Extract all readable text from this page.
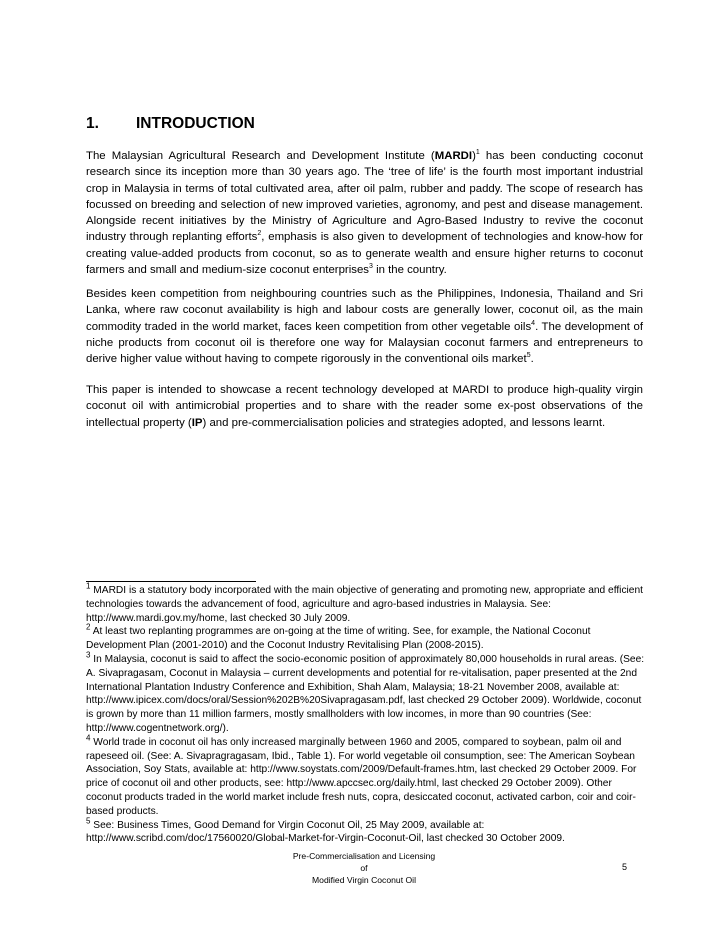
1. INTRODUCTION

The Malaysian Agricultural Research and Development Institute (MARDI)$^1$ has been conducting coconut research since its inception more than 30 years ago. The ‘tree of life’ is the fourth most important industrial crop in Malaysia in terms of total cultivated area, after oil palm, rubber and paddy. The scope of research has focussed on breeding and selection of new improved varieties, agronomy, and pest and disease management. Alongside recent initiatives by the Ministry of Agriculture and Agro-Based Industry to revive the coconut industry through replanting efforts$^2$, emphasis is also given to development of technologies and know-how for creating value-added products from coconut, so as to generate wealth and ensure higher returns to coconut farmers and small and medium-size coconut enterprises$^3$ in the country.

Besides keen competition from neighbouring countries such as the Philippines, Indonesia, Thailand and Sri Lanka, where raw coconut availability is high and labour costs are generally lower, coconut oil, as the main commodity traded in the world market, faces keen competition from other vegetable oils$^4$. The development of niche products from coconut oil is therefore one way for Malaysian coconut farmers and entrepreneurs to derive higher value without having to compete rigorously in the conventional oils market$^5$.

This paper is intended to showcase a recent technology developed at MARDI to produce high-quality virgin coconut oil with antimicrobial properties and to share with the reader some ex-post observations of the intellectual property (IP) and pre-commercialisation policies and strategies adopted, and lessons learnt.

$^1$ MARDI is a statutory body incorporated with the main objective of generating and promoting new, appropriate and efficient technologies towards the advancement of food, agriculture and agro-based industries in Malaysia. See: http://www.mardi.gov.my/home, last checked 30 July 2009.

$^2$ At least two replanting programmes are on-going at the time of writing. See, for example, the National Coconut Development Plan (2001-2010) and the Coconut Industry Revitalising Plan (2008-2015).

$^3$ In Malaysia, coconut is said to affect the socio-economic position of approximately 80,000 households in rural areas. (See: A. Sivapragasam, Coconut in Malaysia – current developments and potential for re-vitalisation, paper presented at the 2nd International Plantation Industry Conference and Exhibition, Shah Alam, Malaysia; 18-21 November 2008, available at: http://www.ipicex.com/docs/oral/Session%202B%20Sivapragasam.pdf, last checked 29 October 2009). Worldwide, coconut is grown by more than 11 million farmers, mostly smallholders with low incomes, in more than 90 countries (See: http://www.cogentnetwork.org/).

$^4$ World trade in coconut oil has only increased marginally between 1960 and 2005, compared to soybean, palm oil and rapeseed oil. (See: A. Sivapragragasam, Ibid., Table 1). For world vegetable oil consumption, see: The American Soybean Association, Soy Stats, available at: http://www.soystats.com/2009/Default-frames.htm, last checked 29 October 2009. For price of coconut oil and other products, see: http://www.apccsec.org/daily.html, last checked 29 October 2009). Other coconut products traded in the world market include fresh nuts, copra, desiccated coconut, activated carbon, coir and coir-based products.

$^5$ See: Business Times, Good Demand for Virgin Coconut Oil, 25 May 2009, available at: http://www.scribd.com/doc/17560020/Global-Market-for-Virgin-Coconut-Oil, last checked 30 October 2009.

Pre-Commercialisation and Licensing
of
Modified Virgin Coconut Oil
5
